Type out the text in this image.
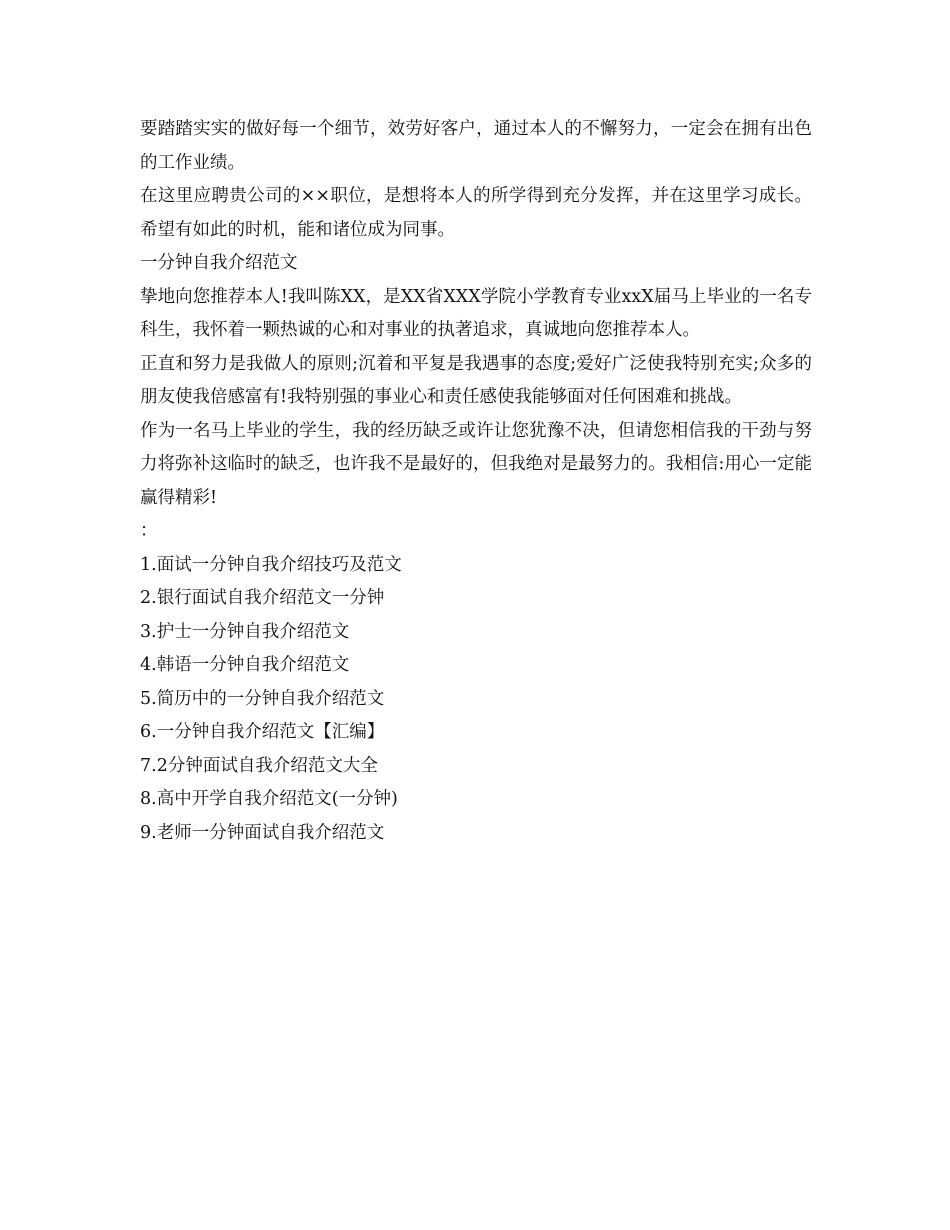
要踏踏实实的做好每一个细节，效劳好客户，通过本人的不懈努力，一定会在拥有出色的工作业绩。

在这里应聘贵公司的××职位，是想将本人的所学得到充分发挥，并在这里学习成长。希望有如此的时机，能和诸位成为同事。

一分钟自我介绍范文

挚地向您推荐本人!我叫陈XX，是XX省XXX学院小学教育专业xxX届马上毕业的一名专科生，我怀着一颗热诚的心和对事业的执著追求，真诚地向您推荐本人。

正直和努力是我做人的原则;沉着和平复是我遇事的态度;爱好广泛使我特别充实;众多的朋友使我倍感富有!我特别强的事业心和责任感使我能够面对任何困难和挑战。

作为一名马上毕业的学生，我的经历缺乏或许让您犹豫不决，但请您相信我的干劲与努力将弥补这临时的缺乏，也许我不是最好的，但我绝对是最努力的。我相信:用心一定能赢得精彩!

：

1.面试一分钟自我介绍技巧及范文
2.银行面试自我介绍范文一分钟
3.护士一分钟自我介绍范文
4.韩语一分钟自我介绍范文
5.简历中的一分钟自我介绍范文
6.一分钟自我介绍范文【汇编】
7.2分钟面试自我介绍范文大全
8.高中开学自我介绍范文(一分钟)
9.老师一分钟面试自我介绍范文
